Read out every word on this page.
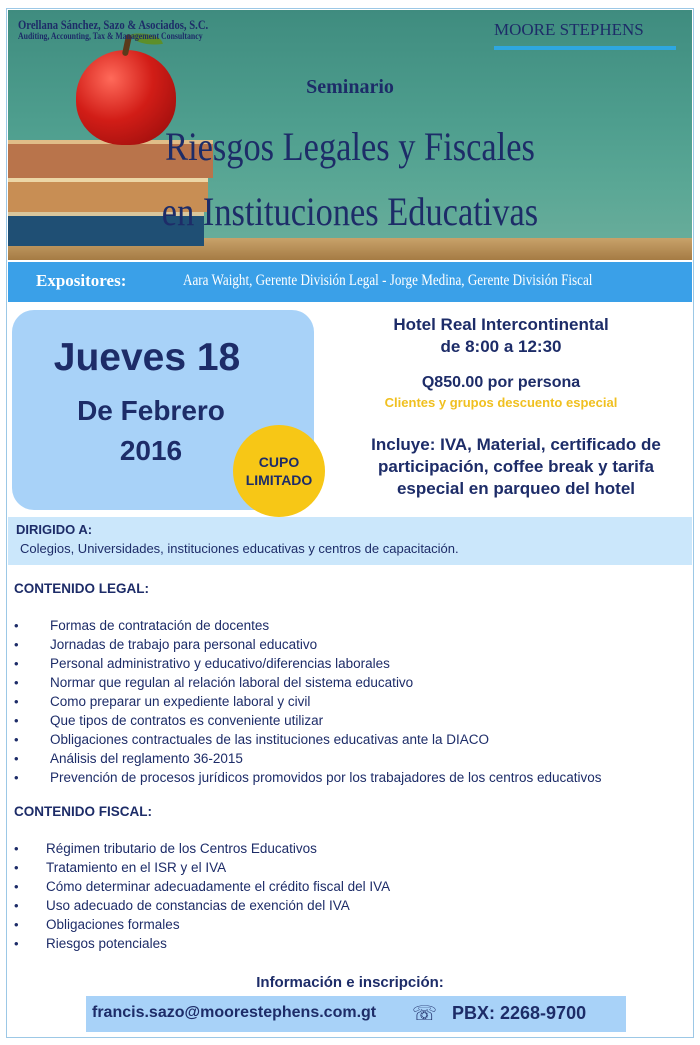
Orellana Sánchez, Sazo & Asociados, S.C.
Auditing, Accounting, Tax & Management Consultancy	MOORE STEPHENS
Seminario
Riesgos Legales y Fiscales
en Instituciones Educativas
Expositores:	Aara Waight, Gerente División Legal - Jorge Medina, Gerente División Fiscal
Jueves 18
De Febrero
2016	CUPO
LIMITADO
Hotel Real Intercontinental
de 8:00 a 12:30
Q850.00 por persona
Clientes y grupos descuento especial
Incluye: IVA, Material, certificado de
participación, coffee break y tarifa
especial en parqueo del hotel
DIRIGIDO A:
Colegios, Universidades, instituciones educativas y centros de capacitación.
CONTENIDO LEGAL:
• Formas de contratación de docentes
• Jornadas de trabajo para personal educativo
• Personal administrativo y educativo/diferencias laborales
• Normar que regulan al relación laboral del sistema educativo
• Como preparar un expediente laboral y civil
• Que tipos de contratos es conveniente utilizar
• Obligaciones contractuales de las instituciones educativas ante la DIACO
• Análisis del reglamento 36-2015
• Prevención de procesos jurídicos promovidos por los trabajadores de los centros educativos
CONTENIDO FISCAL:
• Régimen tributario de los Centros Educativos
• Tratamiento en el ISR y el IVA
• Cómo determinar adecuadamente el crédito fiscal del IVA
• Uso adecuado de constancias de exención del IVA
• Obligaciones formales
• Riesgos potenciales
Información e inscripción:
francis.sazo@moorestephens.com.gt ☏ PBX: 2268-9700
